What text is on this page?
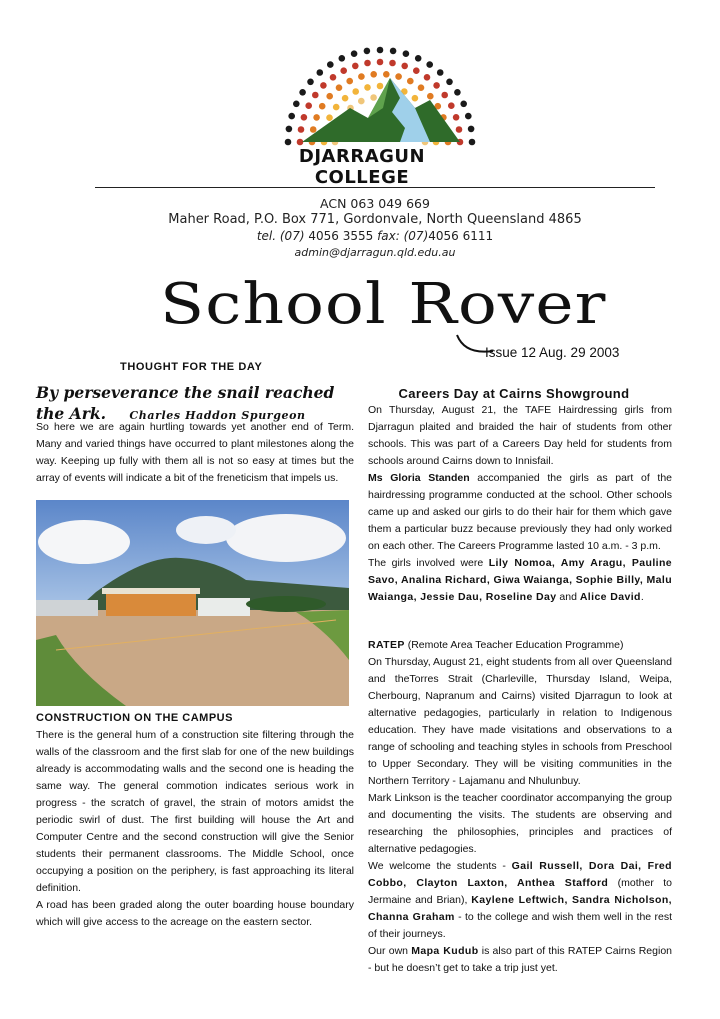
DJARRAGUN COLLEGE
ACN 063 049 669
Maher Road, P.O. Box 771, Gordonvale, North Queensland 4865
tel. (07) 4056 3555 fax: (07)4056 6111
admin@djarragun.qld.edu.au
School Rover
Issue 12 Aug. 29 2003
THOUGHT FOR THE DAY
By perseverance the snail reached the Ark. Charles Haddon Spurgeon
So here we are again hurtling towards yet another end of Term. Many and varied things have occurred to plant milestones along the way. Keeping up fully with them all is not so easy at times but the array of events will indicate a bit of the freneticism that impels us.
CONSTRUCTION ON THE CAMPUS

There is the general hum of a construction site filtering through the walls of the classroom and the first slab for one of the new buildings already is accommodating walls and the second one is heading the same way. The general commotion indicates serious work in progress - the scratch of gravel, the strain of motors amidst the periodic swirl of dust. The first building will house the Art and Computer Centre and the second construction will give the Senior students their permanent classrooms. The Middle School, once occupying a position on the periphery, is fast approaching its literal definition.

A road has been graded along the outer boarding house boundary which will give access to the acreage on the eastern sector.

Careers Day at Cairns Showground

On Thursday, August 21, the TAFE Hairdressing girls from Djarragun plaited and braided the hair of students from other schools. This was part of a Careers Day held for students from schools around Cairns down to Innisfail.

Ms Gloria Standen accompanied the girls as part of the hairdressing programme conducted at the school. Other schools came up and asked our girls to do their hair for them which gave them a particular buzz because previously they had only worked on each other. The Careers Programme lasted 10 a.m. - 3 p.m.

The girls involved were Lily Nomoa, Amy Aragu, Pauline Savo, Analina Richard, Giwa Waianga, Sophie Billy, Malu Waianga, Jessie Dau, Roseline Day and Alice David.

RATEP (Remote Area Teacher Education Programme)

On Thursday, August 21, eight students from all over Queensland and theTorres Strait (Charleville, Thursday Island, Weipa, Cherbourg, Napranum and Cairns) visited Djarragun to look at alternative pedagogies, particularly in relation to Indigenous education. They have made visitations and observations to a range of schooling and teaching styles in schools from Preschool to Upper Secondary. They will be visiting communities in the Northern Territory - Lajamanu and Nhulunbuy.

Mark Linkson is the teacher coordinator accompanying the group and documenting the visits. The students are observing and researching the philosophies, principles and practices of alternative pedagogies.

We welcome the students - Gail Russell, Dora Dai, Fred Cobbo, Clayton Laxton, Anthea Stafford (mother to Jermaine and Brian), Kaylene Leftwich, Sandra Nicholson, Channa Graham - to the college and wish them well in the rest of their journeys.

Our own Mapa Kudub is also part of this RATEP Cairns Region - but he doesn’t get to take a trip just yet.
